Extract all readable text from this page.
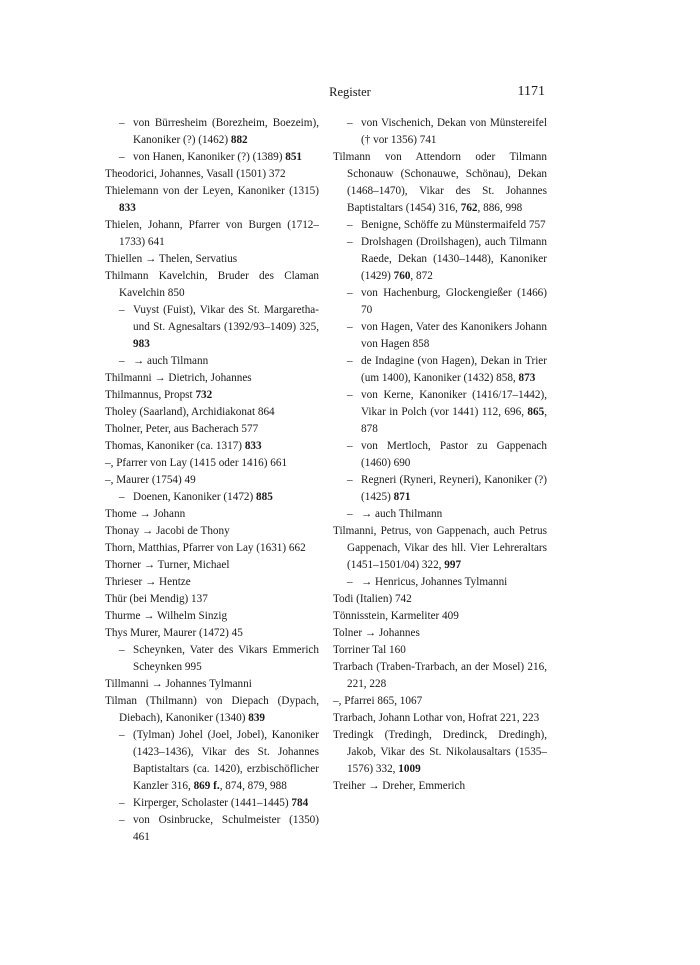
Register	1171
– von Bürresheim (Borezheim, Boezeim), Kanoniker (?) (1462) 882
– von Hanen, Kanoniker (?) (1389) 851
Theodorici, Johannes, Vasall (1501) 372
Thielemann von der Leyen, Kanoniker (1315) 833
Thielen, Johann, Pfarrer von Burgen (1712–1733) 641
Thiellen → Thelen, Servatius
Thilmann Kavelchin, Bruder des Claman Kavelchin 850
– Vuyst (Fuist), Vikar des St. Margaretha- und St. Agnesaltars (1392/93–1409) 325, 983
– → auch Tilmann
Thilmanni → Dietrich, Johannes
Thilmannus, Propst 732
Tholey (Saarland), Archidiakonat 864
Tholner, Peter, aus Bacherach 577
Thomas, Kanoniker (ca. 1317) 833
–, Pfarrer von Lay (1415 oder 1416) 661
–, Maurer (1754) 49
– Doenen, Kanoniker (1472) 885
Thome → Johann
Thonay → Jacobi de Thony
Thorn, Matthias, Pfarrer von Lay (1631) 662
Thorner → Turner, Michael
Thrieser → Hentze
Thür (bei Mendig) 137
Thurme → Wilhelm Sinzig
Thys Murer, Maurer (1472) 45
– Scheynken, Vater des Vikars Emmerich Scheynken 995
Tillmanni → Johannes Tylmanni
Tilman (Thilmann) von Diepach (Dypach, Diebach), Kanoniker (1340) 839
– (Tylman) Johel (Joel, Jobel), Kanoniker (1423–1436), Vikar des St. Johannes Baptistaltars (ca. 1420), erzbischöflicher Kanzler 316, 869 f., 874, 879, 988
– Kirperger, Scholaster (1441–1445) 784
– von Osinbrucke, Schulmeister (1350) 461
– von Vischenich, Dekan von Münstereifel († vor 1356) 741
Tilmann von Attendorn oder Tilmann Schonauw (Schonauwe, Schönau), Dekan (1468–1470), Vikar des St. Johannes Baptistaltars (1454) 316, 762, 886, 998
– Benigne, Schöffe zu Münstermaifeld 757
– Drolshagen (Droilshagen), auch Tilmann Raede, Dekan (1430–1448), Kanoniker (1429) 760, 872
– von Hachenburg, Glockengießer (1466) 70
– von Hagen, Vater des Kanonikers Johann von Hagen 858
– de Indagine (von Hagen), Dekan in Trier (um 1400), Kanoniker (1432) 858, 873
– von Kerne, Kanoniker (1416/17–1442), Vikar in Polch (vor 1441) 112, 696, 865, 878
– von Mertloch, Pastor zu Gappenach (1460) 690
– Regneri (Ryneri, Reyneri), Kanoniker (?) (1425) 871
– → auch Thilmann
Tilmanni, Petrus, von Gappenach, auch Petrus Gappenach, Vikar des hll. Vier Lehreraltars (1451–1501/04) 322, 997
– → Henricus, Johannes Tylmanni
Todi (Italien) 742
Tönnisstein, Karmeliter 409
Tolner → Johannes
Torriner Tal 160
Trarbach (Traben-Trarbach, an der Mosel) 216, 221, 228
–, Pfarrei 865, 1067
Trarbach, Johann Lothar von, Hofrat 221, 223
Tredingk (Tredingh, Dredinck, Dredingh), Jakob, Vikar des St. Nikolausaltars (1535–1576) 332, 1009
Treiher → Dreher, Emmerich
